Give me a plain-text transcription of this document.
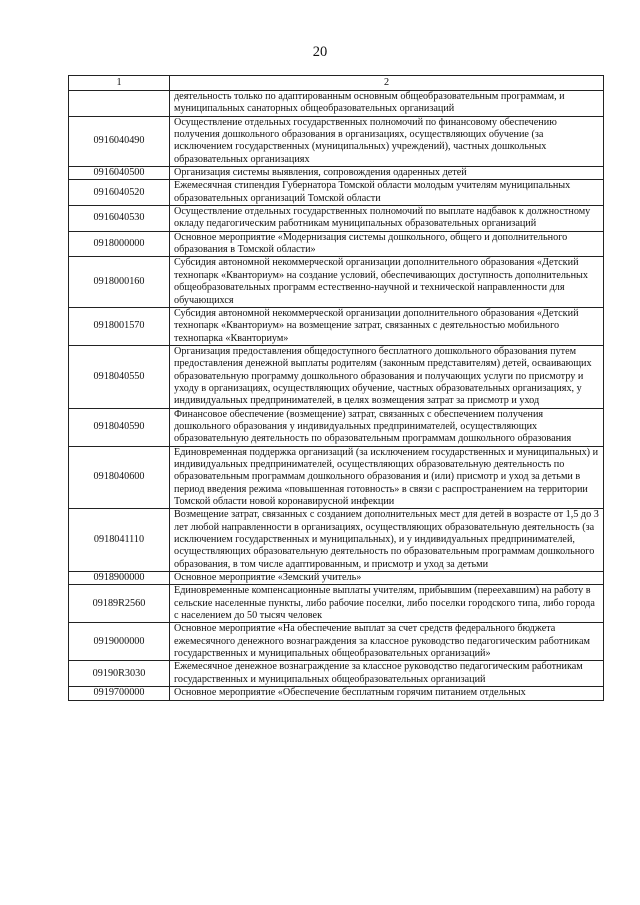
20
1	2
	деятельность только по адаптированным основным общеобразовательным программам, и муниципальных санаторных общеобразовательных организаций
0916040490	Осуществление отдельных государственных полномочий по финансовому обеспечению получения дошкольного образования в организациях, осуществляющих обучение (за исключением государственных (муниципальных) учреждений), частных дошкольных образовательных организациях
0916040500	Организация системы выявления, сопровождения одаренных детей
0916040520	Ежемесячная стипендия Губернатора Томской области молодым учителям муниципальных образовательных организаций Томской области
0916040530	Осуществление отдельных государственных полномочий по выплате надбавок к должностному окладу педагогическим работникам муниципальных образовательных организаций
0918000000	Основное мероприятие «Модернизация системы дошкольного, общего и дополнительного образования в Томской области»
0918000160	Субсидия автономной некоммерческой организации дополнительного образования «Детский технопарк «Кванториум» на создание условий, обеспечивающих доступность дополнительных общеобразовательных программ естественно-научной и технической направленности для обучающихся
0918001570	Субсидия автономной некоммерческой организации дополнительного образования «Детский технопарк «Кванториум» на возмещение затрат, связанных с деятельностью мобильного технопарка «Кванториум»
0918040550	Организация предоставления общедоступного бесплатного дошкольного образования путем предоставления денежной выплаты родителям (законным представителям) детей, осваивающих образовательную программу дошкольного образования и получающих услуги по присмотру и уходу в организациях, осуществляющих обучение, частных образовательных организациях, у индивидуальных предпринимателей, в целях возмещения затрат за присмотр и уход
0918040590	Финансовое обеспечение (возмещение) затрат, связанных с обеспечением получения дошкольного образования у индивидуальных предпринимателей, осуществляющих образовательную деятельность по образовательным программам дошкольного образования
0918040600	Единовременная поддержка организаций (за исключением государственных и муниципальных) и индивидуальных предпринимателей, осуществляющих образовательную деятельность по образовательным программам дошкольного образования и (или) присмотр и уход за детьми в период введения режима «повышенная готовность» в связи с распространением на территории Томской области новой коронавирусной инфекции
0918041110	Возмещение затрат, связанных с созданием дополнительных мест для детей в возрасте от 1,5 до 3 лет любой направленности в организациях, осуществляющих образовательную деятельность (за исключением государственных и муниципальных), и у индивидуальных предпринимателей, осуществляющих образовательную деятельность по образовательным программам дошкольного образования, в том числе адаптированным, и присмотр и уход за детьми
0918900000	Основное мероприятие «Земский учитель»
09189R2560	Единовременные компенсационные выплаты учителям, прибывшим (переехавшим) на работу в сельские населенные пункты, либо рабочие поселки, либо поселки городского типа, либо города с населением до 50 тысяч человек
0919000000	Основное мероприятие «На обеспечение выплат за счет средств федерального бюджета ежемесячного денежного вознаграждения за классное руководство педагогическим работникам государственных и муниципальных общеобразовательных организаций»
09190R3030	Ежемесячное денежное вознаграждение за классное руководство педагогическим работникам государственных и муниципальных общеобразовательных организаций
0919700000	Основное мероприятие «Обеспечение бесплатным горячим питанием отдельных
